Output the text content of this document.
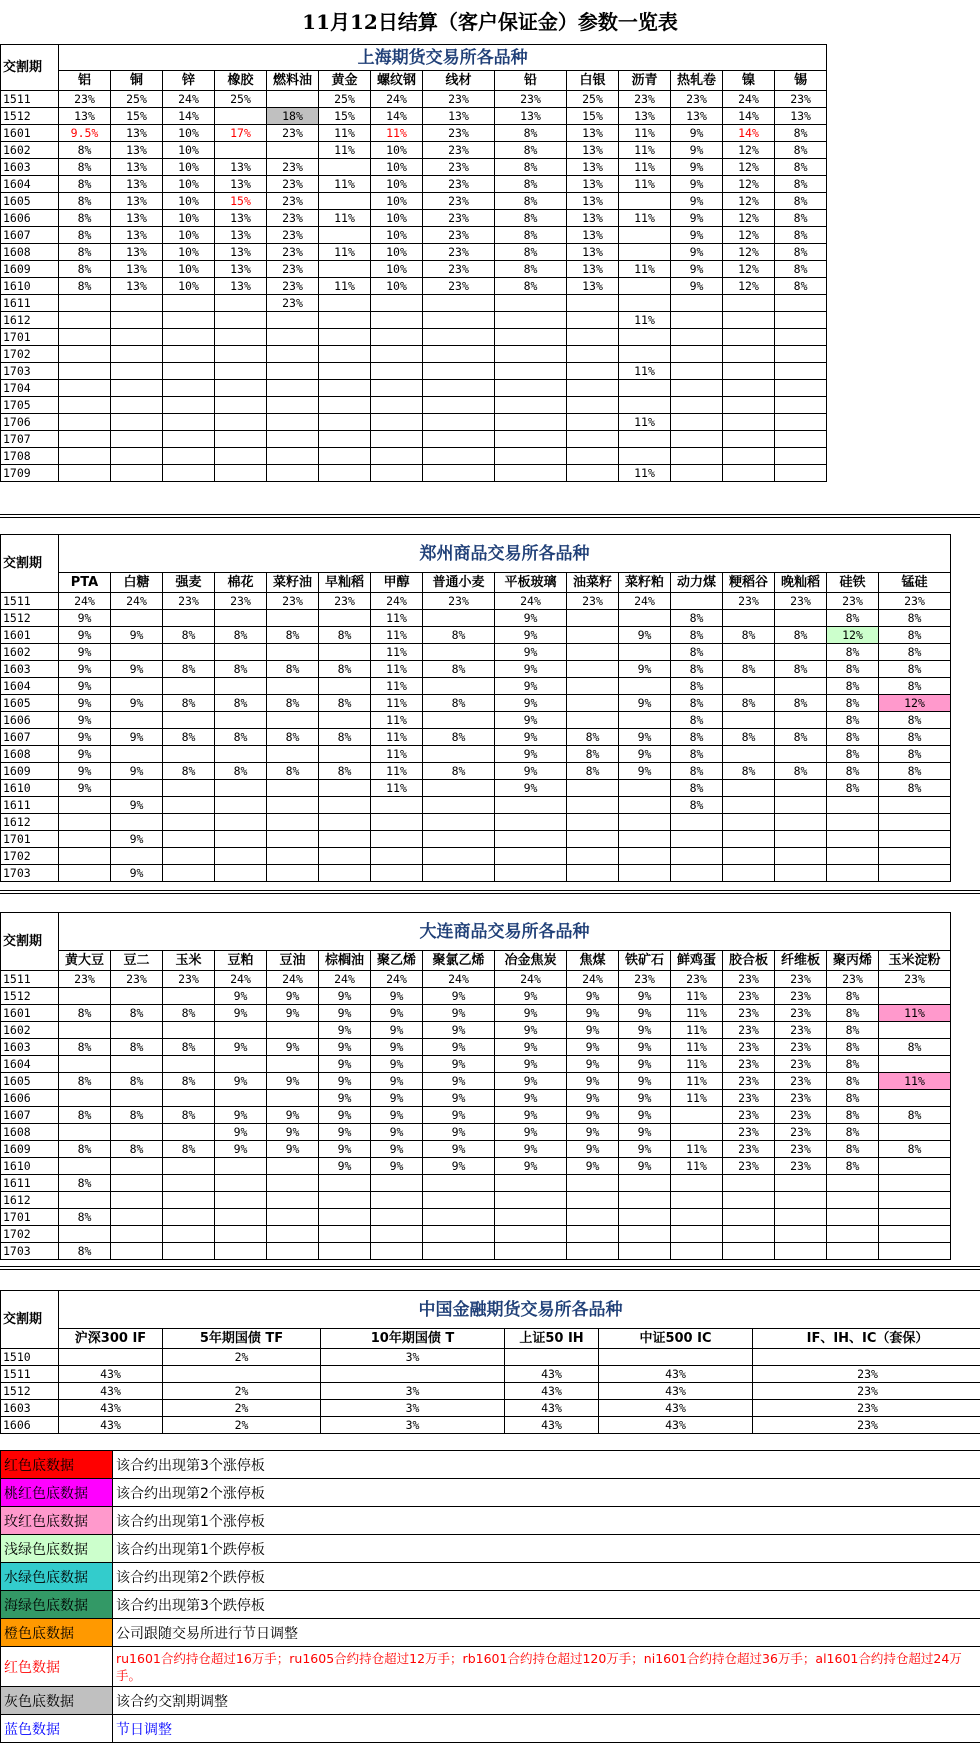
11月12日结算（客户保证金）参数一览表
交割期	上海期货交易所各品种													
	铝	铜	锌	橡胶	燃料油	黄金	螺纹钢	线材	铅	白银	沥青	热轧卷	镍	锡
1511	23%	25%	24%	25%		25%	24%	23%	23%	25%	23%	23%	24%	23%
1512	13%	15%	14%		18%	15%	14%	13%	13%	15%	13%	13%	14%	13%
1601	9.5%	13%	10%	17%	23%	11%	11%	23%	8%	13%	11%	9%	14%	8%
1602	8%	13%	10%			11%	10%	23%	8%	13%	11%	9%	12%	8%
1603	8%	13%	10%	13%	23%		10%	23%	8%	13%	11%	9%	12%	8%
1604	8%	13%	10%	13%	23%	11%	10%	23%	8%	13%	11%	9%	12%	8%
1605	8%	13%	10%	15%	23%		10%	23%	8%	13%		9%	12%	8%
1606	8%	13%	10%	13%	23%	11%	10%	23%	8%	13%	11%	9%	12%	8%
1607	8%	13%	10%	13%	23%		10%	23%	8%	13%		9%	12%	8%
1608	8%	13%	10%	13%	23%	11%	10%	23%	8%	13%		9%	12%	8%
1609	8%	13%	10%	13%	23%		10%	23%	8%	13%	11%	9%	12%	8%
1610	8%	13%	10%	13%	23%	11%	10%	23%	8%	13%		9%	12%	8%
1611					23%									
1612											11%			
1701														
1702														
1703											11%			
1704														
1705														
1706											11%			
1707														
1708														
1709											11%			
交割期	郑州商品交易所各品种															
	PTA	白糖	强麦	棉花	菜籽油	早籼稻	甲醇	普通小麦	平板玻璃	油菜籽	菜籽粕	动力煤	粳稻谷	晚籼稻	硅铁	锰硅
1511	24%	24%	23%	23%	23%	23%	24%	23%	24%	23%	24%		23%	23%	23%	23%
1512	9%						11%		9%			8%			8%	8%
1601	9%	9%	8%	8%	8%	8%	11%	8%	9%		9%	8%	8%	8%	12%	8%
1602	9%						11%		9%			8%			8%	8%
1603	9%	9%	8%	8%	8%	8%	11%	8%	9%		9%	8%	8%	8%	8%	8%
1604	9%						11%		9%			8%			8%	8%
1605	9%	9%	8%	8%	8%	8%	11%	8%	9%		9%	8%	8%	8%	8%	12%
1606	9%						11%		9%			8%			8%	8%
1607	9%	9%	8%	8%	8%	8%	11%	8%	9%	8%	9%	8%	8%	8%	8%	8%
1608	9%						11%		9%	8%	9%	8%			8%	8%
1609	9%	9%	8%	8%	8%	8%	11%	8%	9%	8%	9%	8%	8%	8%	8%	8%
1610	9%						11%		9%			8%			8%	8%
1611		9%										8%				
1612																
1701		9%														
1702																
1703		9%														
交割期	大连商品交易所各品种															
	黄大豆	豆二	玉米	豆粕	豆油	棕榈油	聚乙烯	聚氯乙烯	冶金焦炭	焦煤	铁矿石	鲜鸡蛋	胶合板	纤维板	聚丙烯	玉米淀粉
1511	23%	23%	23%	24%	24%	24%	24%	24%	24%	24%	23%	23%	23%	23%	23%	23%
1512				9%	9%	9%	9%	9%	9%	9%	9%	11%	23%	23%	8%	
1601	8%	8%	8%	9%	9%	9%	9%	9%	9%	9%	9%	11%	23%	23%	8%	11%
1602						9%	9%	9%	9%	9%	9%	11%	23%	23%	8%	
1603	8%	8%	8%	9%	9%	9%	9%	9%	9%	9%	9%	11%	23%	23%	8%	8%
1604						9%	9%	9%	9%	9%	9%	11%	23%	23%	8%	
1605	8%	8%	8%	9%	9%	9%	9%	9%	9%	9%	9%	11%	23%	23%	8%	11%
1606						9%	9%	9%	9%	9%	9%	11%	23%	23%	8%	
1607	8%	8%	8%	9%	9%	9%	9%	9%	9%	9%	9%		23%	23%	8%	8%
1608				9%	9%	9%	9%	9%	9%	9%	9%		23%	23%	8%	
1609	8%	8%	8%	9%	9%	9%	9%	9%	9%	9%	9%	11%	23%	23%	8%	8%
1610						9%	9%	9%	9%	9%	9%	11%	23%	23%	8%	
1611	8%															
1612																
1701	8%															
1702																
1703	8%															
交割期	中国金融期货交易所各品种					
	沪深300 IF	5年期国债 TF	10年期国债 T	上证50 IH	中证500 IC	IF、IH、IC（套保）
1510		2%	3%			
1511	43%			43%	43%	23%
1512	43%	2%	3%	43%	43%	23%
1603	43%	2%	3%	43%	43%	23%
1606	43%	2%	3%	43%	43%	23%
红色底数据	该合约出现第3个涨停板
桃红色底数据	该合约出现第2个涨停板
玫红色底数据	该合约出现第1个涨停板
浅绿色底数据	该合约出现第1个跌停板
水绿色底数据	该合约出现第2个跌停板
海绿色底数据	该合约出现第3个跌停板
橙色底数据	公司跟随交易所进行节日调整
红色数据	ru1601合约持仓超过16万手；ru1605合约持仓超过12万手；rb1601合约持仓超过120万手；ni1601合约持仓超过36万手；al1601合约持仓超过24万手。
灰色底数据	该合约交割期调整
蓝色数据	节日调整
